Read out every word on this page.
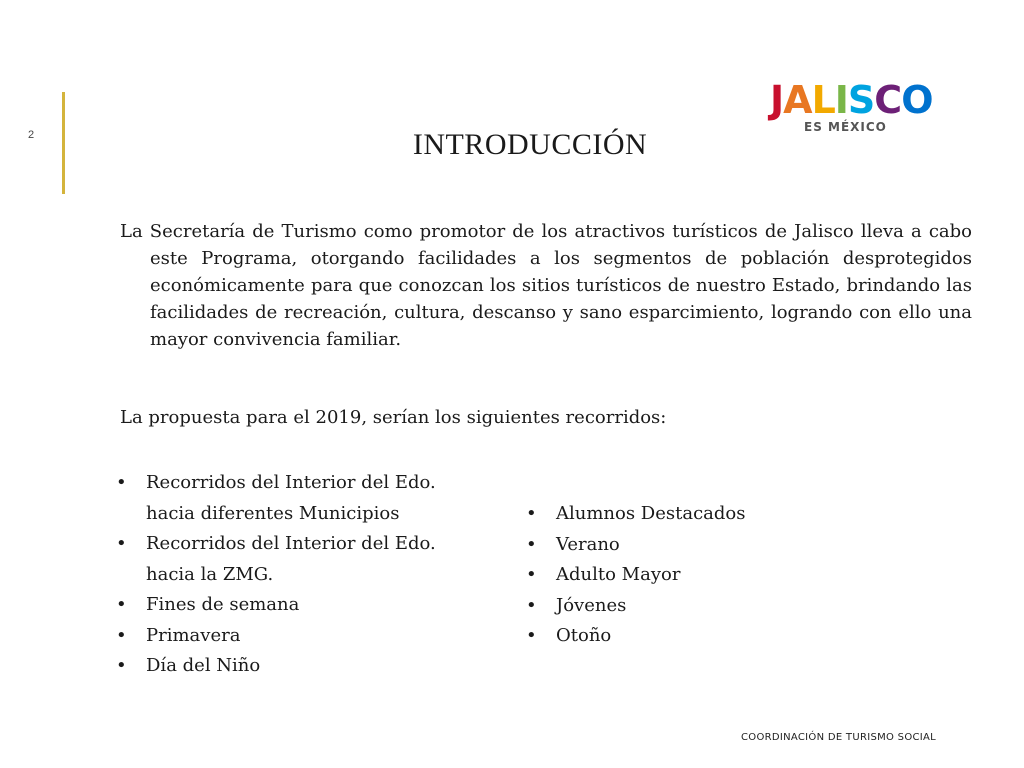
2
JALISCO
ES MÉXICO
INTRODUCCIÓN

La Secretaría de Turismo como promotor de los atractivos turísticos de Jalisco lleva a cabo este Programa, otorgando facilidades a los segmentos de población desprotegidos económicamente para que conozcan los sitios turísticos de nuestro Estado, brindando las facilidades de recreación, cultura, descanso y sano esparcimiento, logrando con ello una mayor convivencia familiar.

La propuesta para el 2019, serían los siguientes recorridos:

• Recorridos del Interior del Edo. hacia diferentes Municipios
• Recorridos del Interior del Edo. hacia la ZMG.
• Fines de semana
• Primavera
• Día del Niño
• Alumnos Destacados
• Verano
• Adulto Mayor
• Jóvenes
• Otoño
COORDINACIÓN DE TURISMO SOCIAL
